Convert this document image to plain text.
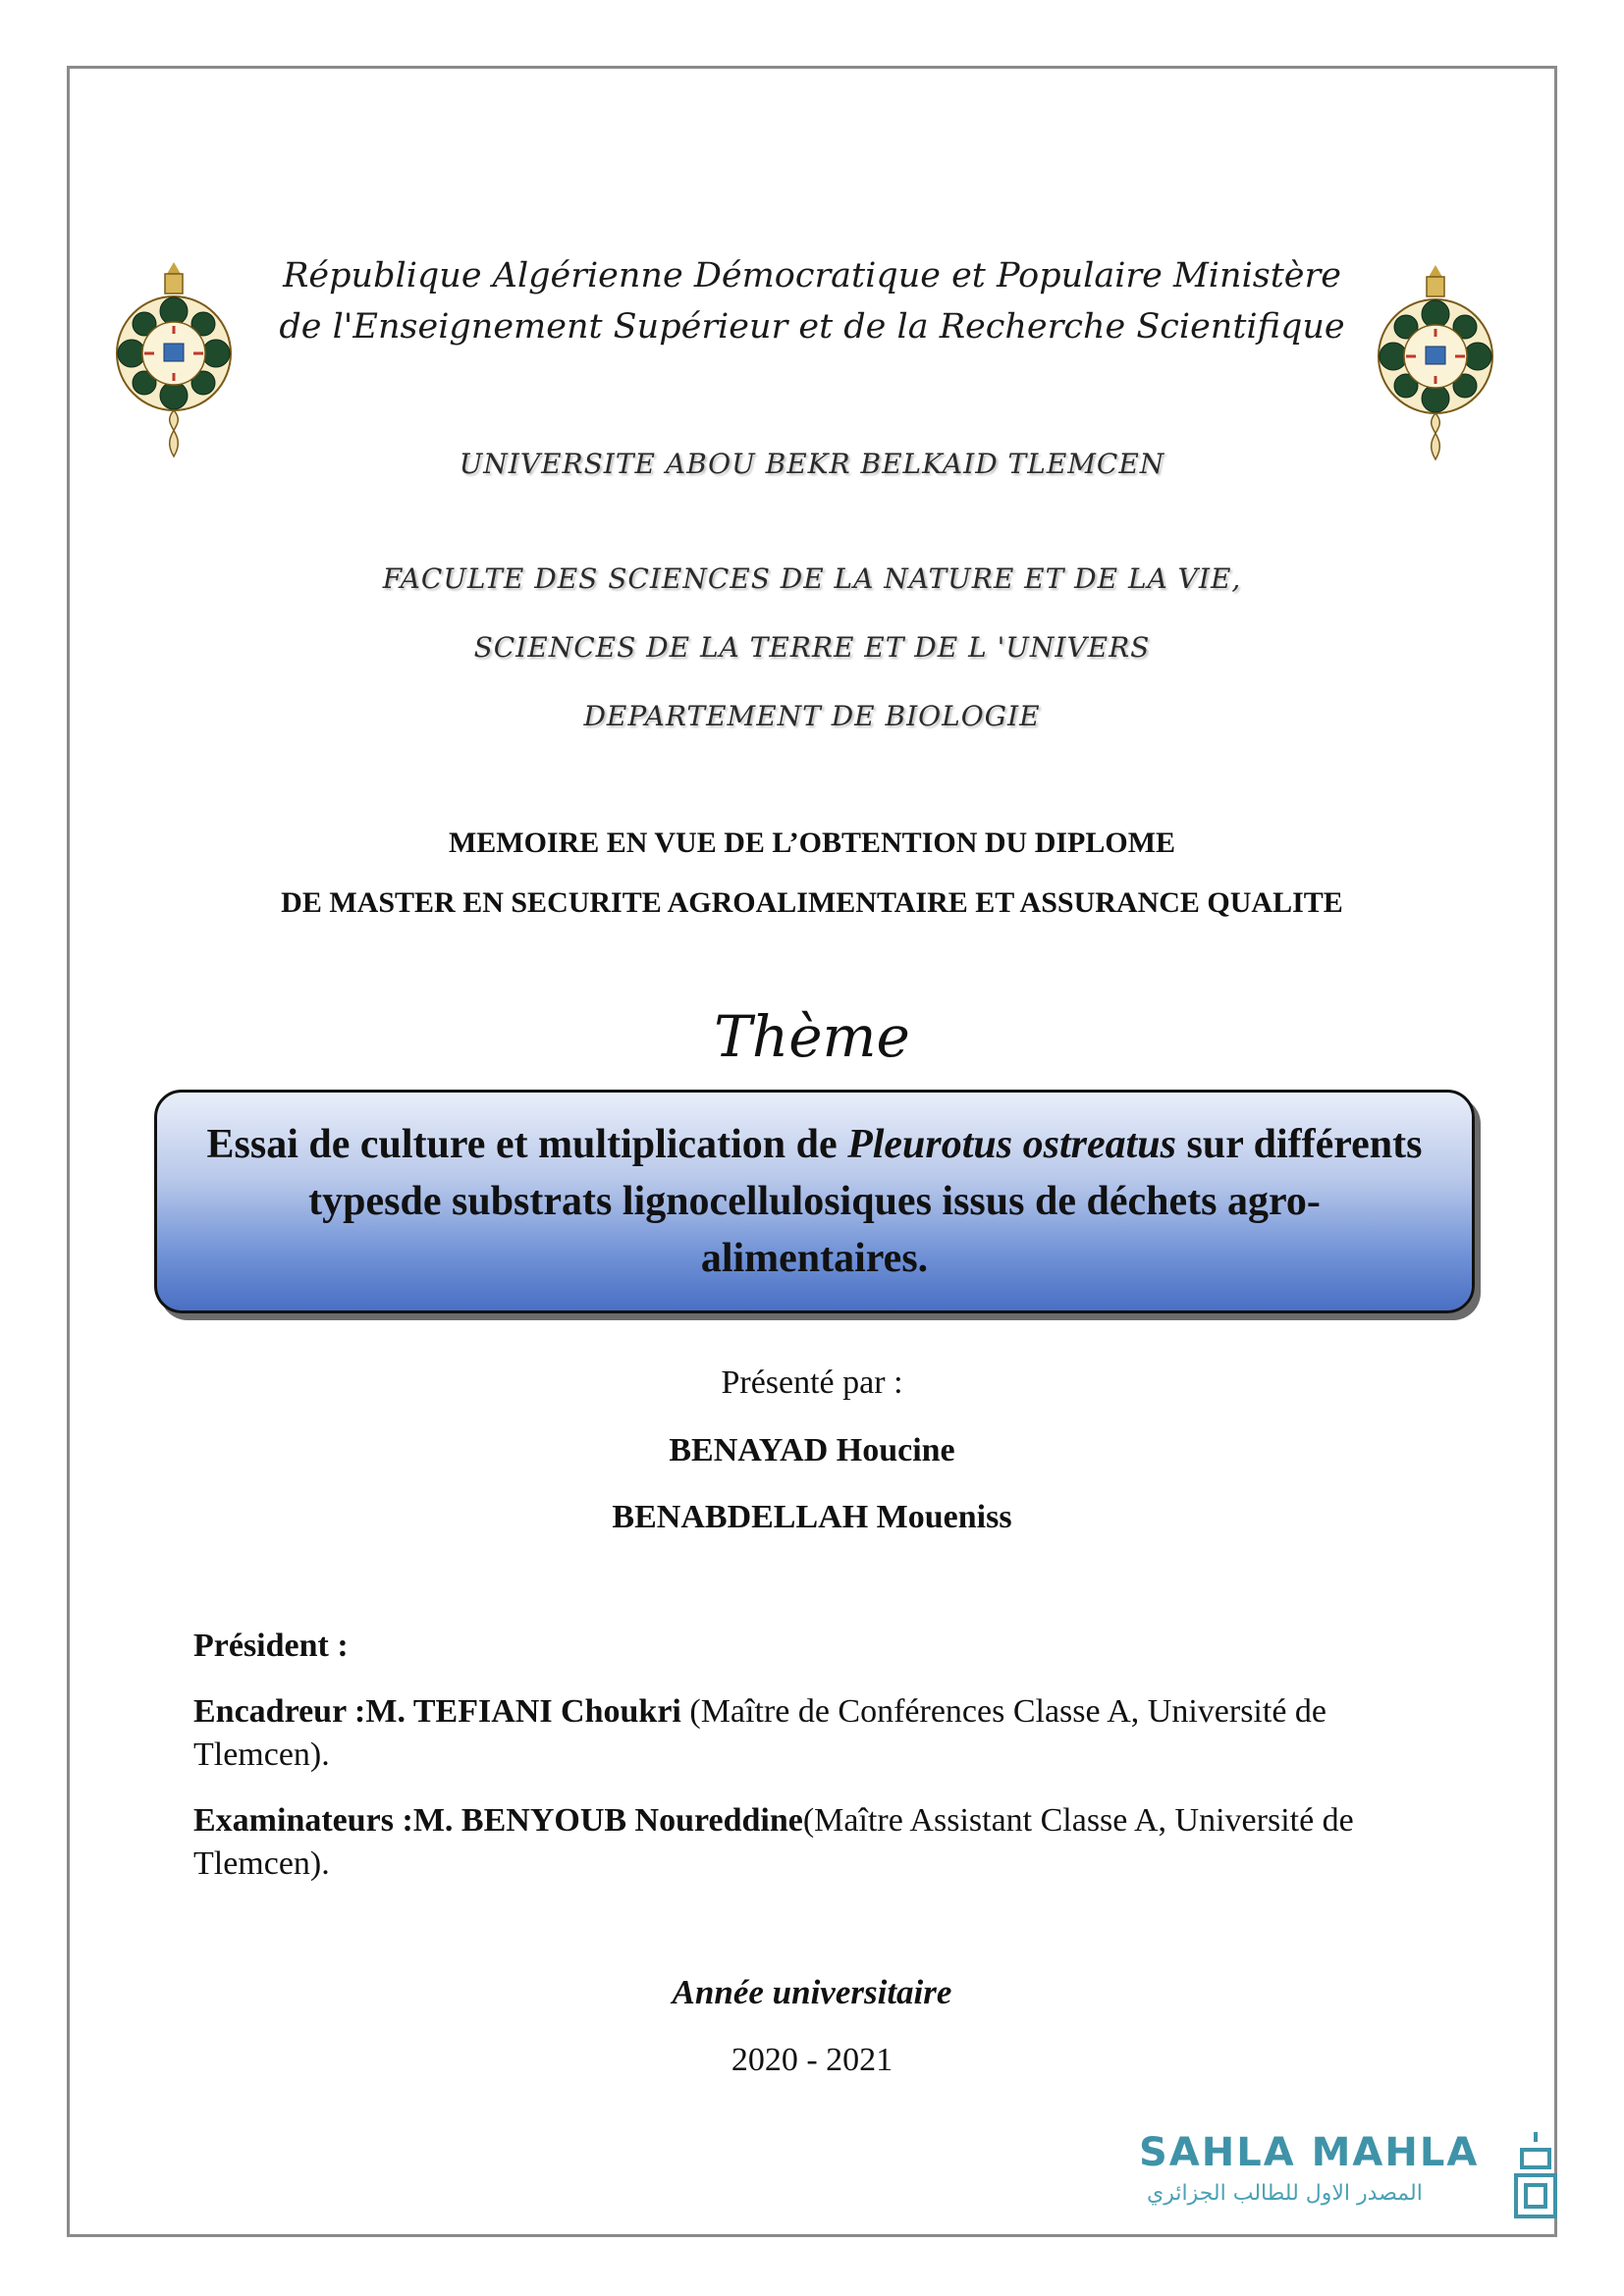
République Algérienne Démocratique et Populaire Ministère
de l'Enseignement Supérieur et de la Recherche Scientifique
UNIVERSITE ABOU BEKR BELKAID TLEMCEN
FACULTE DES SCIENCES DE LA NATURE ET DE LA VIE,
SCIENCES DE LA TERRE ET DE L 'UNIVERS
DEPARTEMENT DE BIOLOGIE
MEMOIRE EN VUE DE L’OBTENTION DU DIPLOME
DE MASTER EN SECURITE AGROALIMENTAIRE ET ASSURANCE QUALITE
Thème
Essai de culture et multiplication de Pleurotus ostreatus sur différents typesde substrats lignocellulosiques issus de déchets agro-alimentaires.
Présenté par :
BENAYAD Houcine
BENABDELLAH Moueniss
Président :
Encadreur :M. TEFIANI Choukri (Maître de Conférences Classe A, Université de Tlemcen).
Examinateurs :M. BENYOUB Noureddine(Maître Assistant Classe A, Université de Tlemcen).
Année universitaire
2020 - 2021
SAHLA MAHLA
المصدر الاول للطالب الجزائري
